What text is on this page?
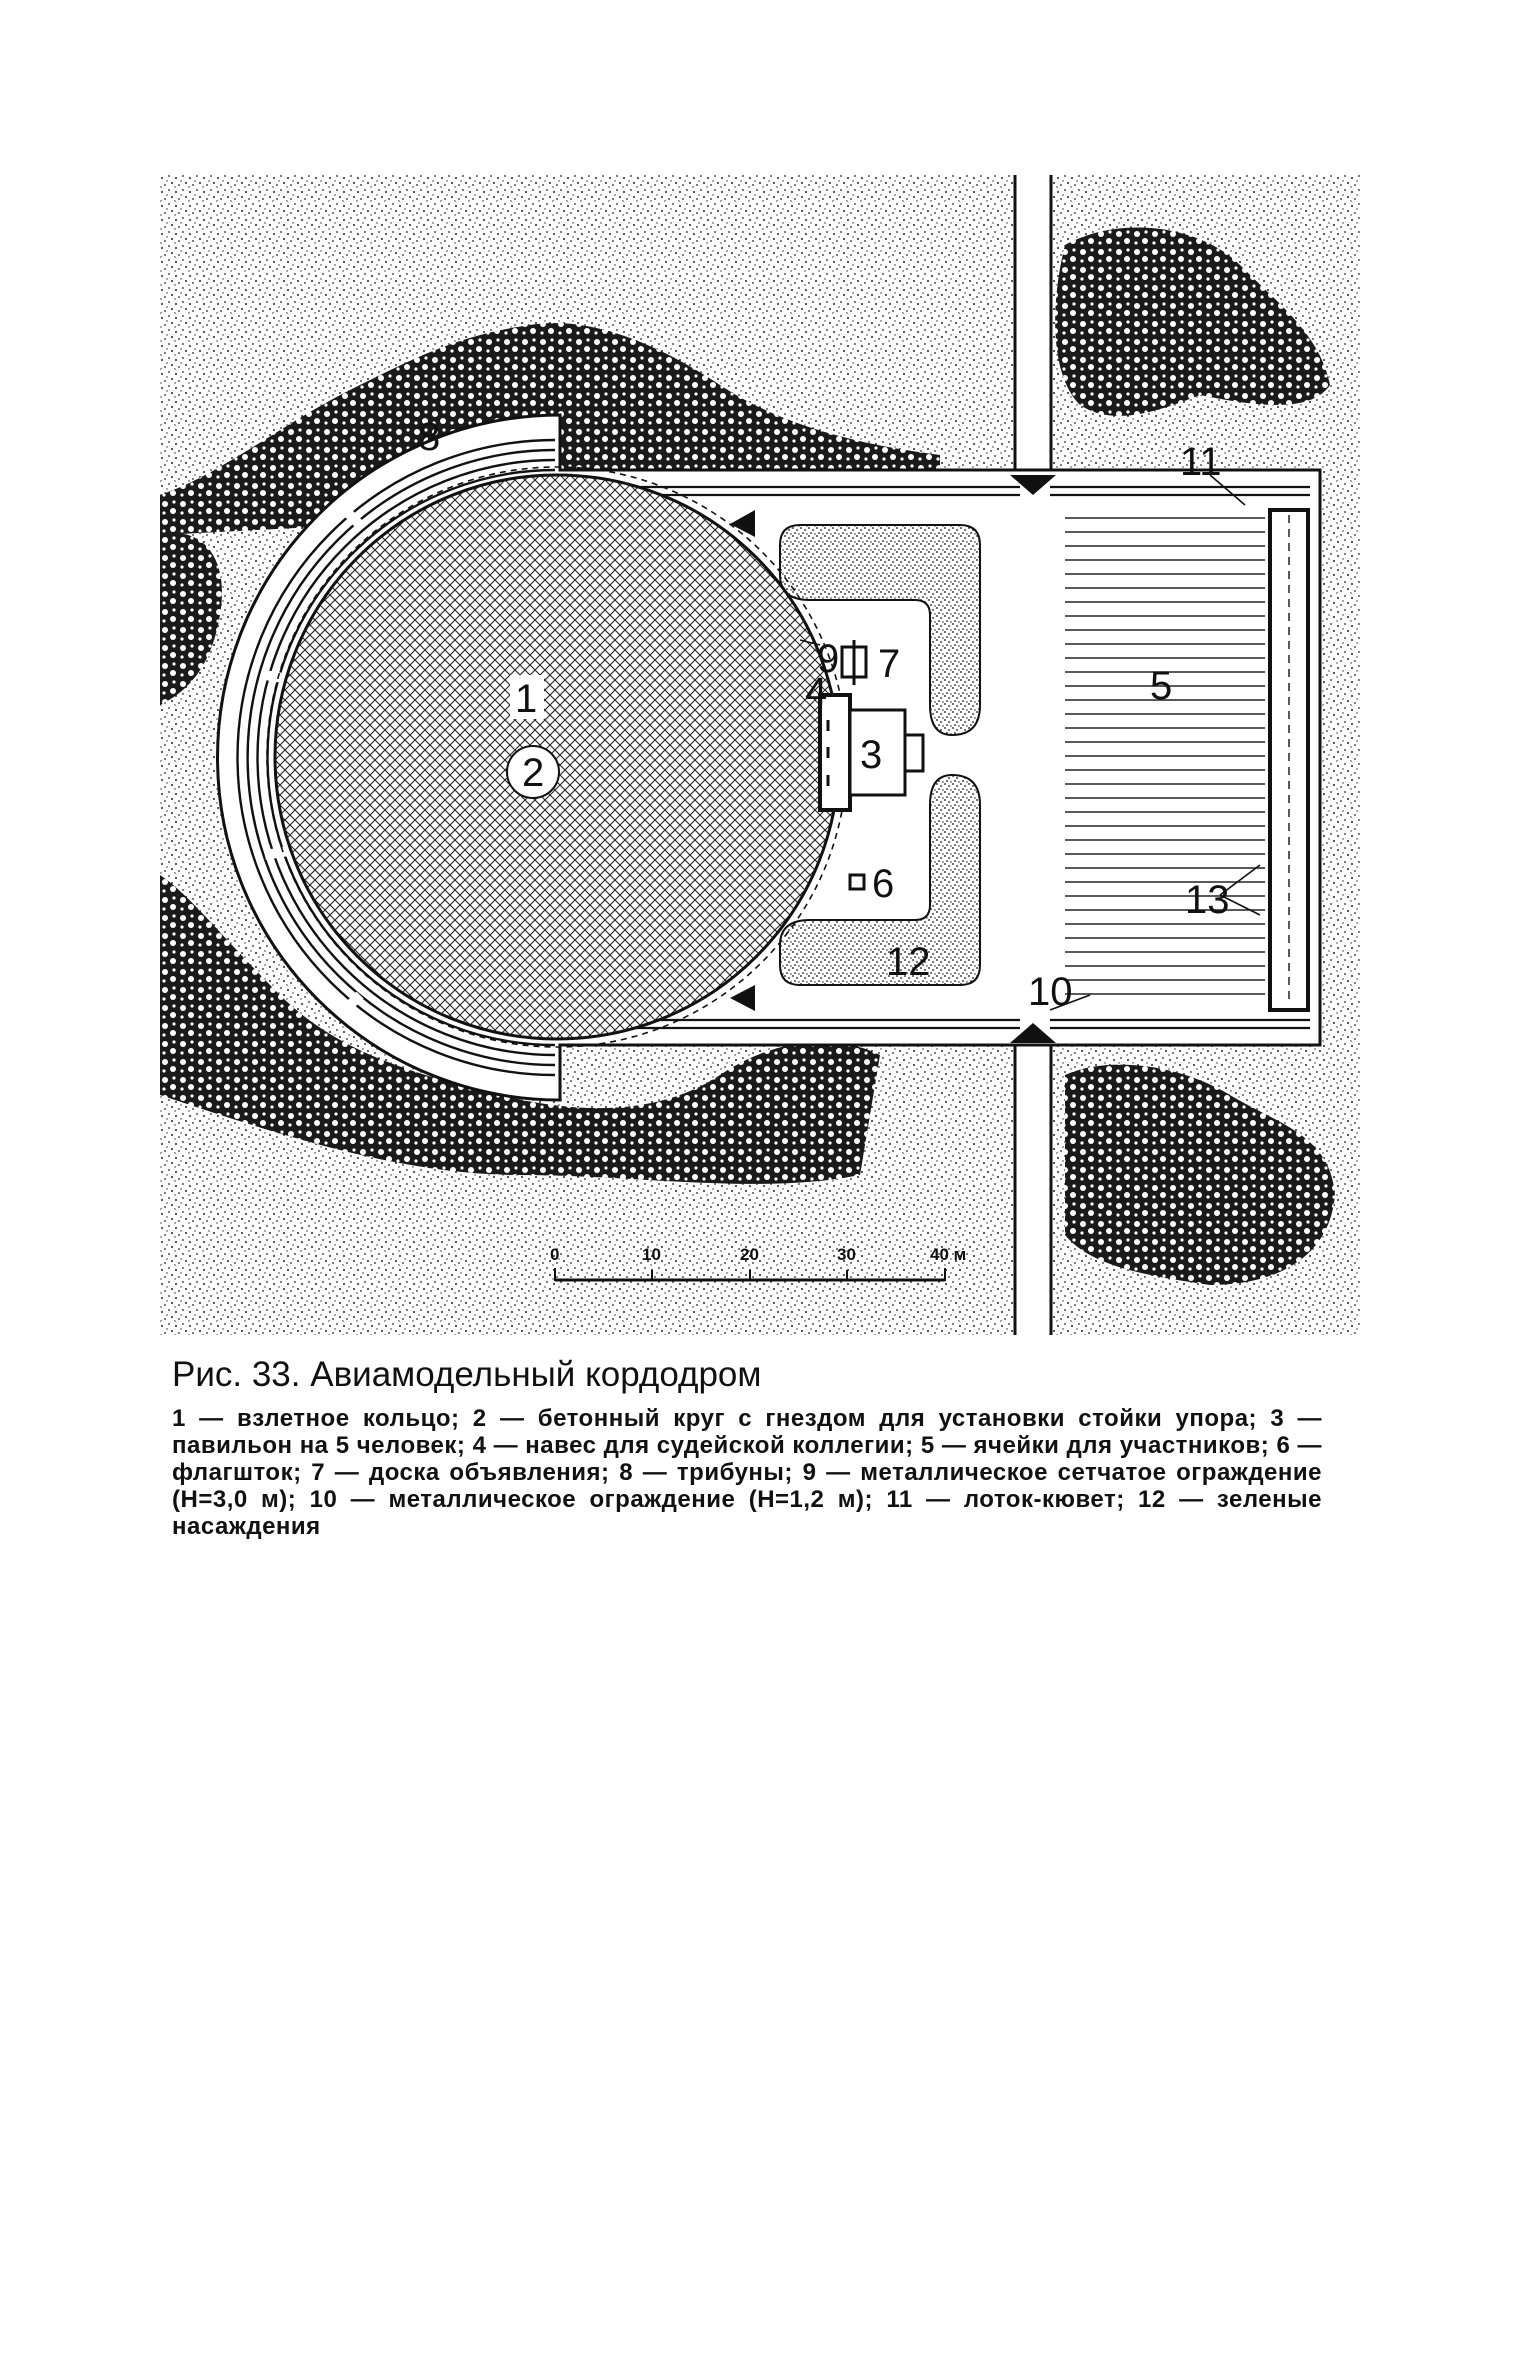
0	10	20	30	40 м
1
2	3
4	5
6
7
8
9
10
11
12
13

Рис. 33. Авиамодельный кордодром

1 — взлетное кольцо; 2 — бетонный круг с гнездом для установки стойки упора; 3 — павильон на 5 человек; 4 — навес для судейской коллегии; 5 — ячейки для участников; 6 — флагшток; 7 — доска объявления; 8 — трибуны; 9 — металлическое сетчатое ограждение (Н=3,0 м); 10 — металлическое ограждение (Н=1,2 м); 11 — лоток-кювет; 12 — зеленые насаждения
